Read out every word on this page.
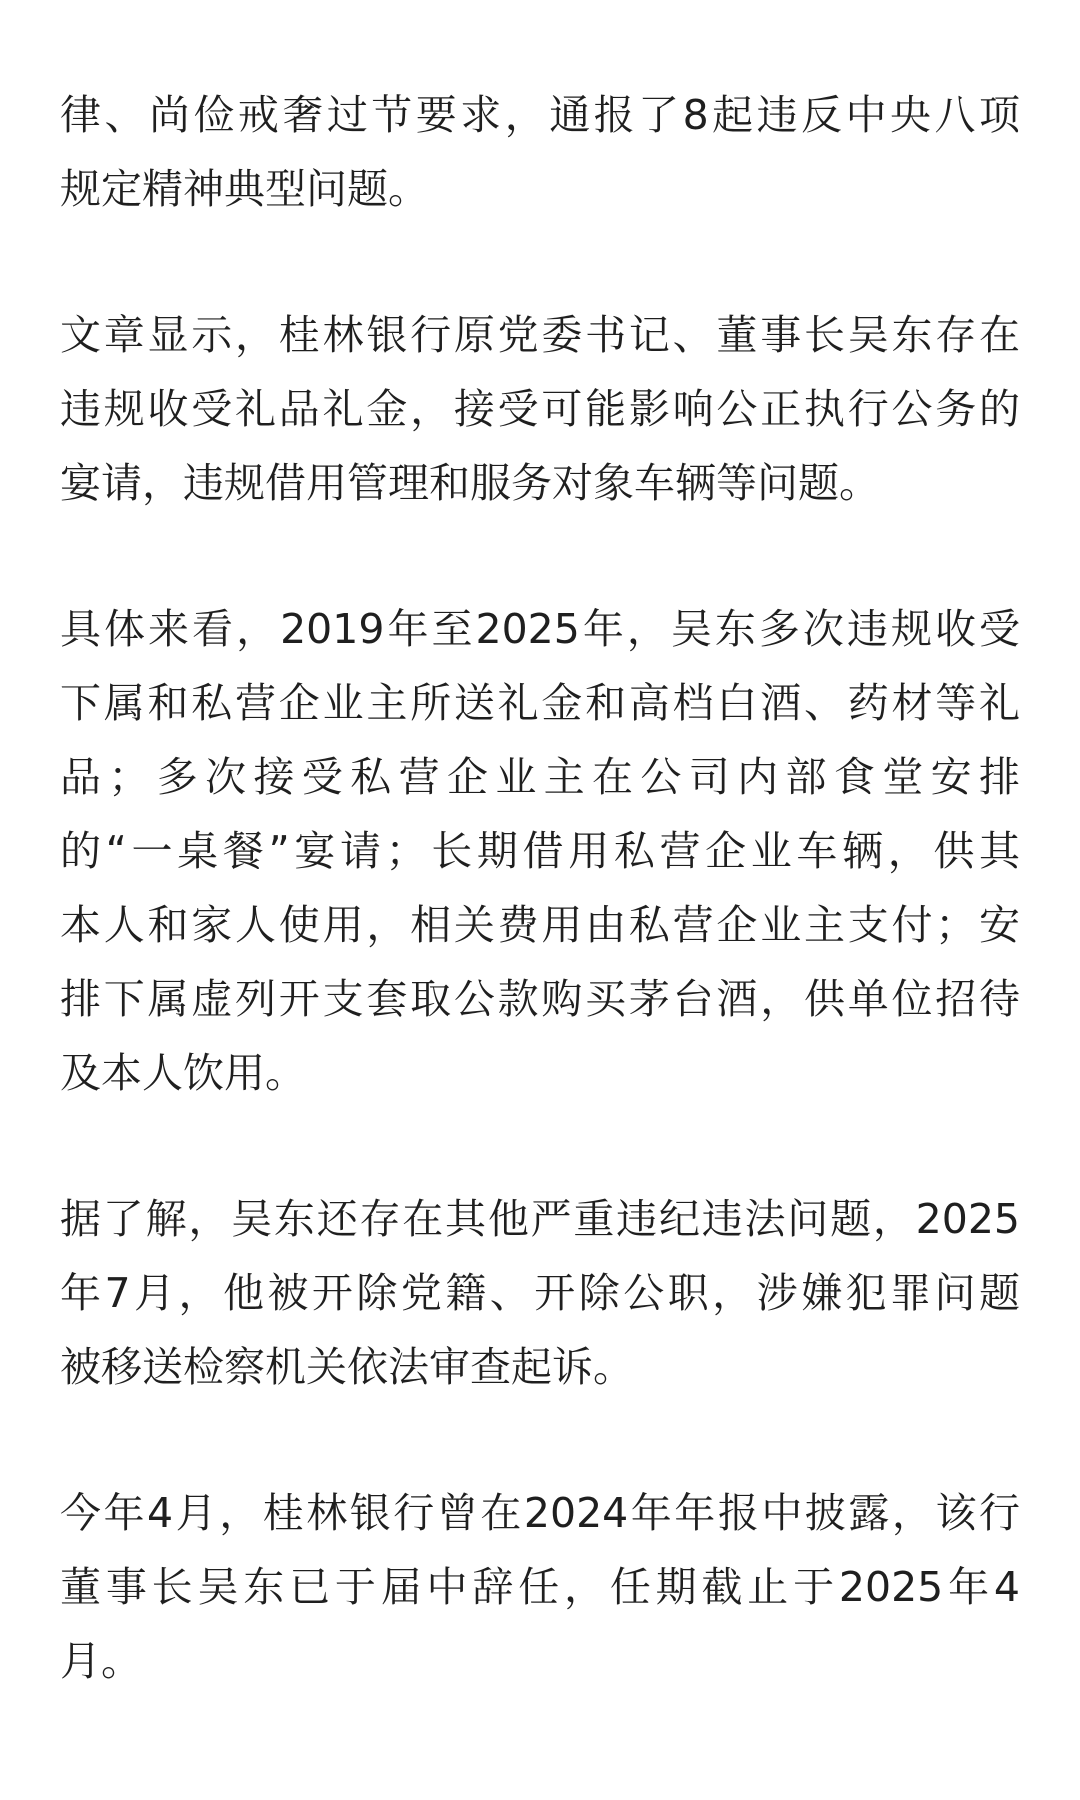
律、尚俭戒奢过节要求，通报了8起违反中央八项
规定精神典型问题。
文章显示，桂林银行原党委书记、董事长吴东存在
违规收受礼品礼金，接受可能影响公正执行公务的
宴请，违规借用管理和服务对象车辆等问题。
具体来看，2019年至2025年，吴东多次违规收受
下属和私营企业主所送礼金和高档白酒、药材等礼
品；多次接受私营企业主在公司内部食堂安排
的“一桌餐”宴请；长期借用私营企业车辆，供其
本人和家人使用，相关费用由私营企业主支付；安
排下属虚列开支套取公款购买茅台酒，供单位招待
及本人饮用。
据了解，吴东还存在其他严重违纪违法问题，2025
年7月，他被开除党籍、开除公职，涉嫌犯罪问题
被移送检察机关依法审查起诉。
今年4月，桂林银行曾在2024年年报中披露，该行
董事长吴东已于届中辞任，任期截止于2025年4
月。
